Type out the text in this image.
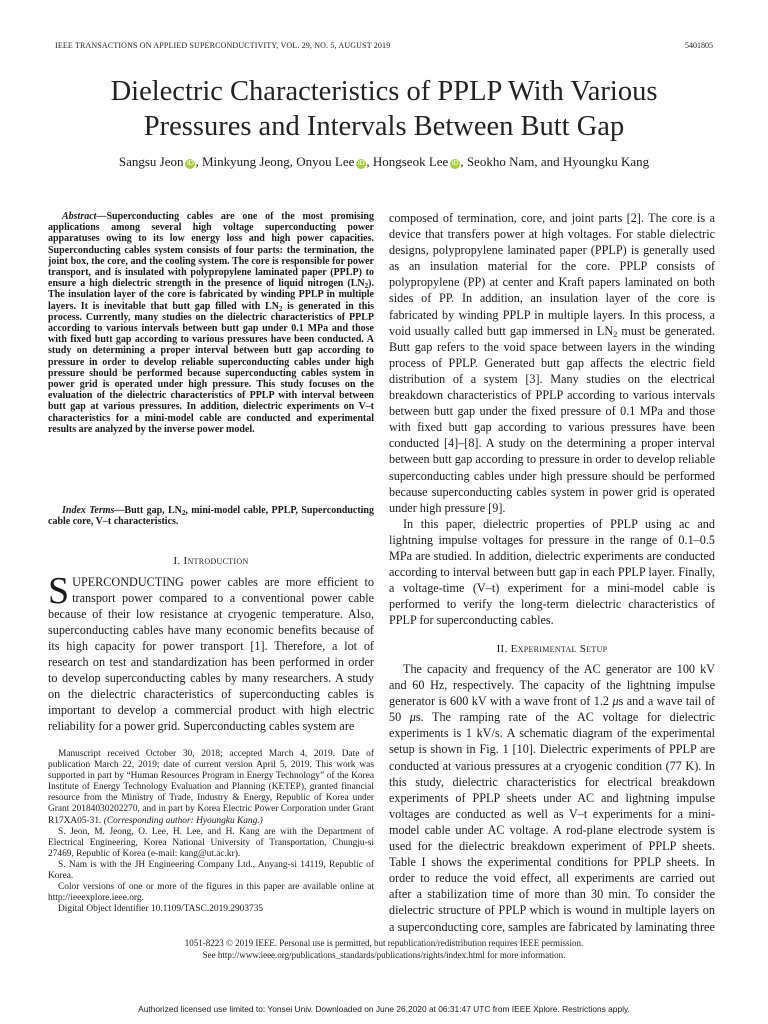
IEEE TRANSACTIONS ON APPLIED SUPERCONDUCTIVITY, VOL. 29, NO. 5, AUGUST 2019	5401805
Dielectric Characteristics of PPLP With Various
Pressures and Intervals Between Butt Gap
Sangsu Jeon iD , Minkyung Jeong, Onyou Lee iD , Hongseok Lee iD , Seokho Nam, and Hyoungku Kang

Abstract—Superconducting cables are one of the most promising applications among several high voltage superconducting power apparatuses owing to its low energy loss and high power capacities. Superconducting cables system consists of four parts: the termination, the joint box, the core, and the cooling system. The core is responsible for power transport, and is insulated with polypropylene laminated paper (PPLP) to ensure a high dielectric strength in the presence of liquid nitrogen $(LN_2)$. The insulation layer of the core is fabricated by winding PPLP in multiple layers. It is inevitable that butt gap filled with $LN_2$ is generated in this process. Currently, many studies on the dielectric characteristics of PPLP according to various intervals between butt gap under 0.1 MPa and those with fixed butt gap according to various pressures have been conducted. A study on determining a proper interval between butt gap according to pressure in order to develop reliable superconducting cables under high pressure should be performed because superconducting cables system in power grid is operated under high pressure. This study focuses on the evaluation of the dielectric characteristics of PPLP with interval between butt gap at various pressures. In addition, dielectric experiments on V–t characteristics for a mini-model cable are conducted and experimental results are analyzed by the inverse power model.

Index Terms—Butt gap, $LN_2$, mini-model cable, PPLP, Superconducting cable core, V–t characteristics.

I. Introduction

SUPERCONDUCTING power cables are more efficient to transport power compared to a conventional power cable because of their low resistance at cryogenic temperature. Also, superconducting cables have many economic benefits because of its high capacity for power transport [1]. Therefore, a lot of research on test and standardization has been performed in order to develop superconducting cables by many researchers. A study on the dielectric characteristics of superconducting cables is important to develop a commercial product with high electric reliability for a power grid. Superconducting cables system are

Manuscript received October 30, 2018; accepted March 4, 2019. Date of publication March 22, 2019; date of current version April 5, 2019. This work was supported in part by “Human Resources Program in Energy Technology” of the Korea Institute of Energy Technology Evaluation and Planning (KETEP), granted financial resource from the Ministry of Trade, Industry & Energy, Republic of Korea under Grant 20184030202270, and in part by Korea Electric Power Corporation under Grant R17XA05-31. (Corresponding author: Hyoungku Kang.)

S. Jeon, M. Jeong, O. Lee, H. Lee, and H. Kang are with the Department of Electrical Engineering, Korea National University of Transportation, Chungju-si 27469, Republic of Korea (e-mail: kang@ut.ac.kr).

S. Nam is with the JH Engineering Company Ltd., Anyang-si 14119, Republic of Korea.

Color versions of one or more of the figures in this paper are available online at http://ieeexplore.ieee.org.

Digital Object Identifier 10.1109/TASC.2019.2903735

composed of termination, core, and joint parts [2]. The core is a device that transfers power at high voltages. For stable dielectric designs, polypropylene laminated paper (PPLP) is generally used as an insulation material for the core. PPLP consists of polypropylene (PP) at center and Kraft papers laminated on both sides of PP. In addition, an insulation layer of the core is fabricated by winding PPLP in multiple layers. In this process, a void usually called butt gap immersed in $LN_2$ must be generated. Butt gap refers to the void space between layers in the winding process of PPLP. Generated butt gap affects the electric field distribution of a system [3]. Many studies on the electrical breakdown characteristics of PPLP according to various intervals between butt gap under the fixed pressure of 0.1 MPa and those with fixed butt gap according to various pressures have been conducted [4]–[8]. A study on the determining a proper interval between butt gap according to pressure in order to develop reliable superconducting cables under high pressure should be performed because superconducting cables system in power grid is operated under high pressure [9].

In this paper, dielectric properties of PPLP using ac and lightning impulse voltages for pressure in the range of 0.1–0.5 MPa are studied. In addition, dielectric experiments are conducted according to interval between butt gap in each PPLP layer. Finally, a voltage-time (V–t) experiment for a mini-model cable is performed to verify the long-term dielectric characteristics of PPLP for superconducting cables.

II. Experimental Setup

The capacity and frequency of the AC generator are 100 kV and 60 Hz, respectively. The capacity of the lightning impulse generator is 600 kV with a wave front of 1.2 μs and a wave tail of 50 μs. The ramping rate of the AC voltage for dielectric experiments is 1 kV/s. A schematic diagram of the experimental setup is shown in Fig. 1 [10]. Dielectric experiments of PPLP are conducted at various pressures at a cryogenic condition (77 K). In this study, dielectric characteristics for electrical breakdown experiments of PPLP sheets under AC and lightning impulse voltages are conducted as well as V–t experiments for a mini-model cable under AC voltage. A rod-plane electrode system is used for the dielectric breakdown experiment of PPLP sheets. Table I shows the experimental conditions for PPLP sheets. In order to reduce the void effect, all experiments are carried out after a stabilization time of more than 30 min. To consider the dielectric structure of PPLP which is wound in multiple layers on a superconducting core, samples are fabricated by laminating three

1051-8223 © 2019 IEEE. Personal use is permitted, but republication/redistribution requires IEEE permission.
See http://www.ieee.org/publications_standards/publications/rights/index.html for more information.
Authorized licensed use limited to: Yonsei Univ. Downloaded on June 26,2020 at 06:31:47 UTC from IEEE Xplore. Restrictions apply.
